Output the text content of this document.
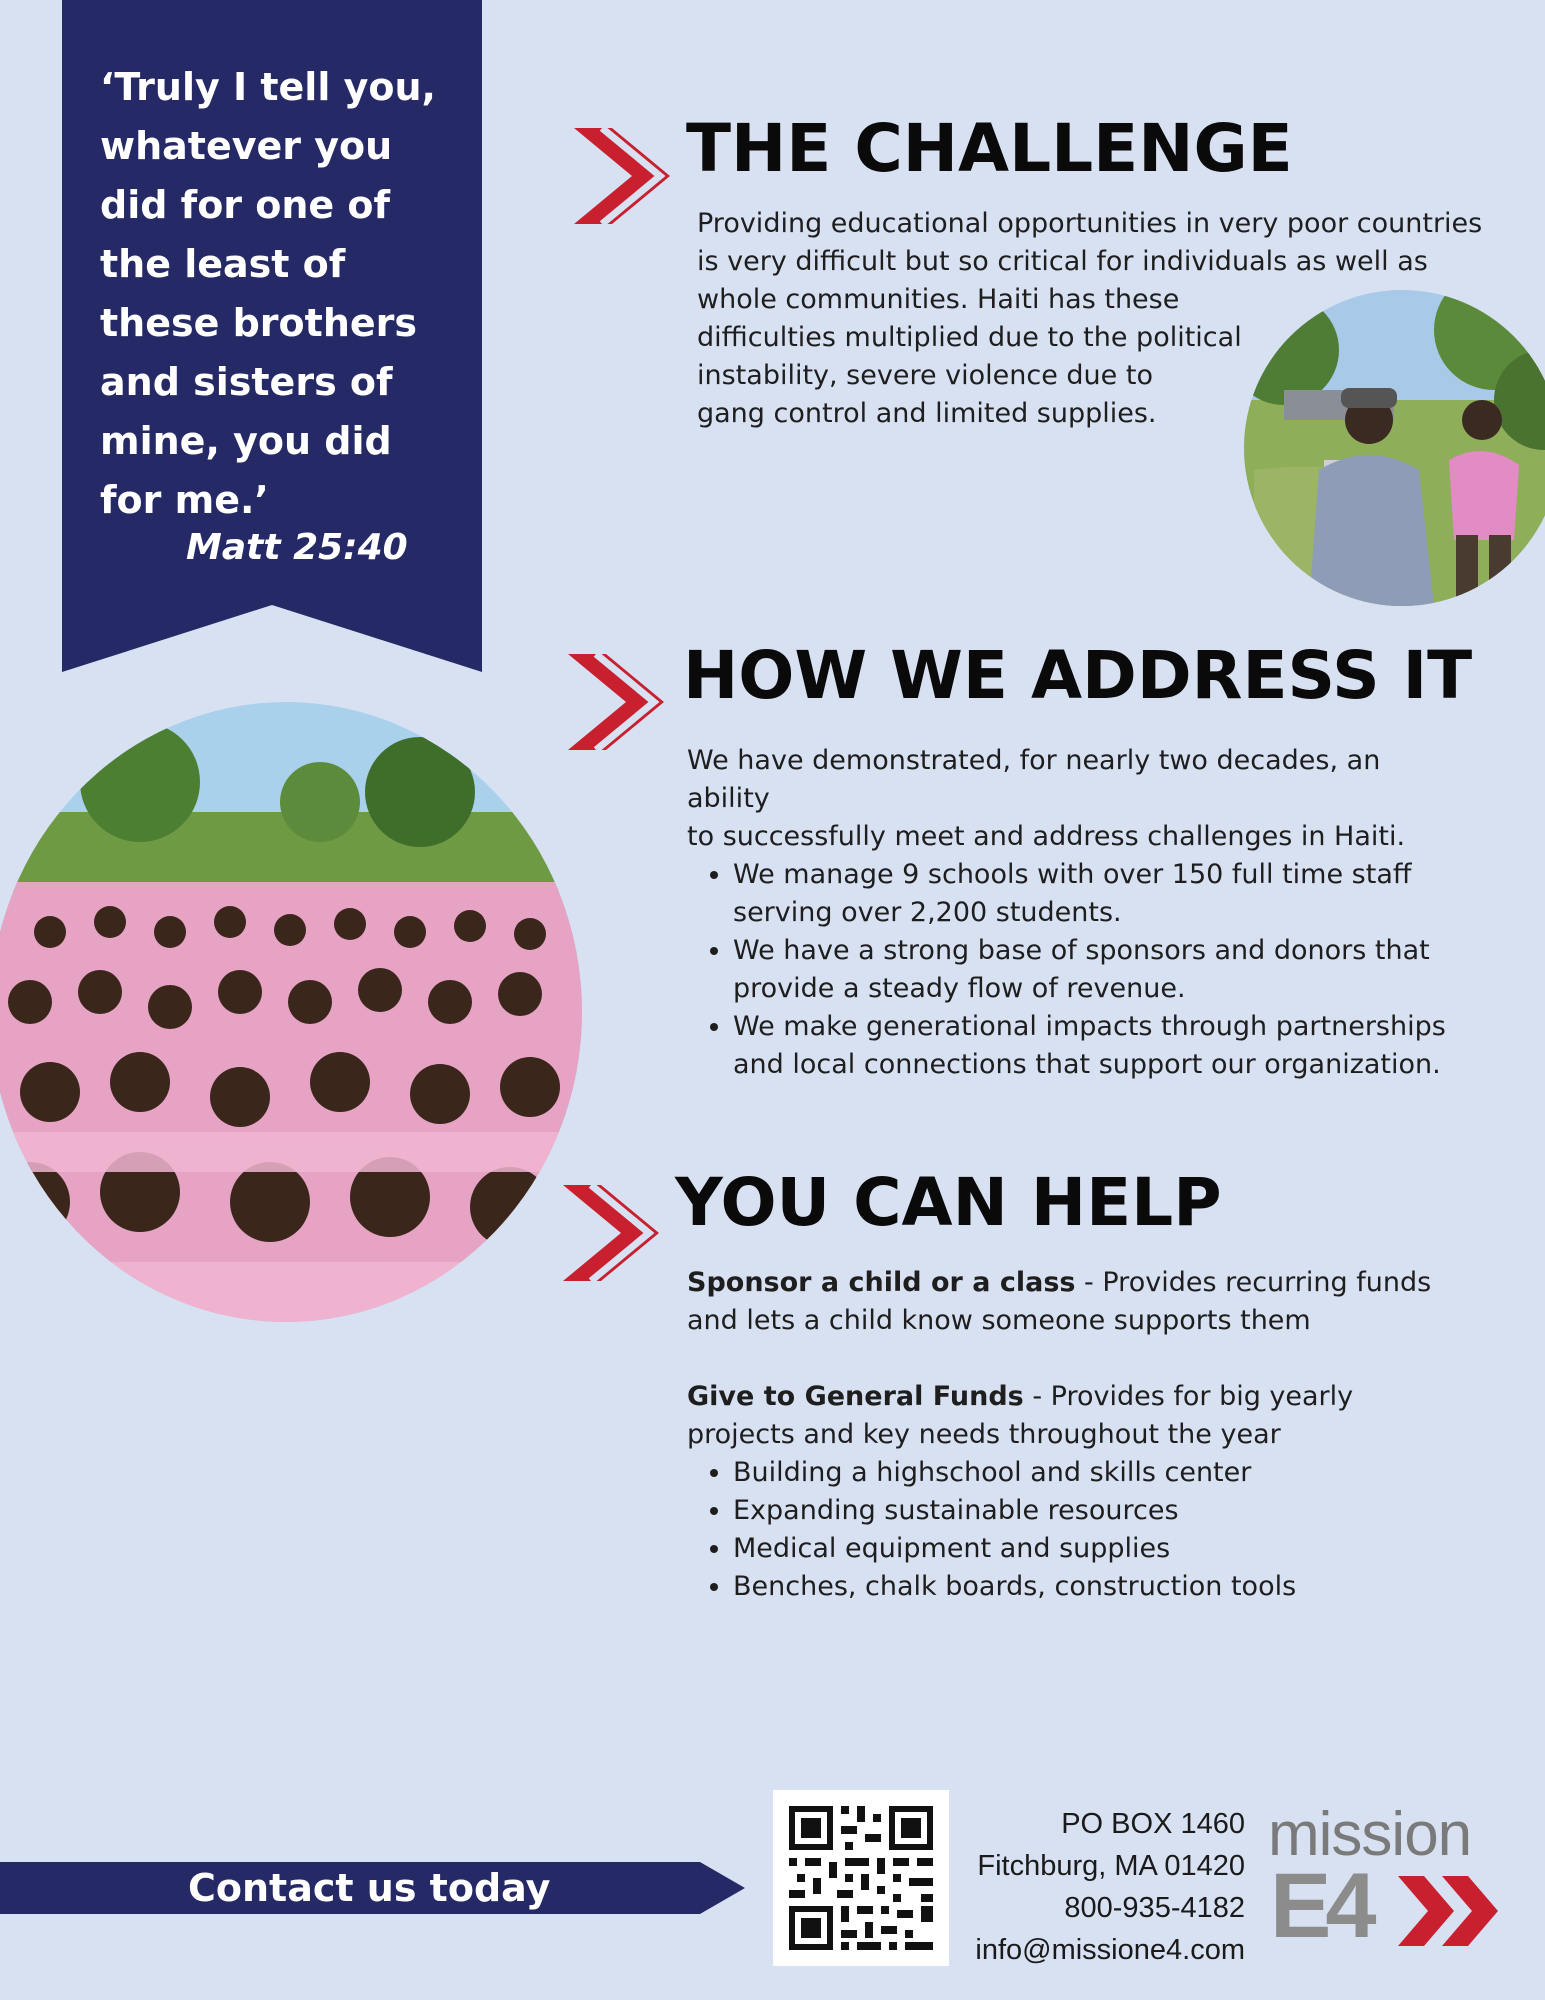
‘Truly I tell you,
whatever you
did for one of
the least of
these brothers
and sisters of
mine, you did
for me.’
Matt 25:40
THE CHALLENGE
Providing educational opportunities in very poor countries
is very difficult but so critical for individuals as well as
whole communities. Haiti has these
difficulties multiplied due to the political
instability, severe violence due to
gang control and limited supplies.
HOW WE ADDRESS IT
We have demonstrated, for nearly two decades, an ability
to successfully meet and address challenges in Haiti.
• We manage 9 schools with over 150 full time staff serving over 2,200 students.
• We have a strong base of sponsors and donors that provide a steady flow of revenue.
• We make generational impacts through partnerships and local connections that support our organization.
YOU CAN HELP

Sponsor a child or a class - Provides recurring funds and lets a child know someone supports them

Give to General Funds - Provides for big yearly projects and key needs throughout the year

• Building a highschool and skills center
• Expanding sustainable resources
• Medical equipment and supplies
• Benches, chalk boards, construction tools
Contact us today
PO BOX 1460
Fitchburg, MA 01420
800-935-4182
info@missione4.com
mission
E4
